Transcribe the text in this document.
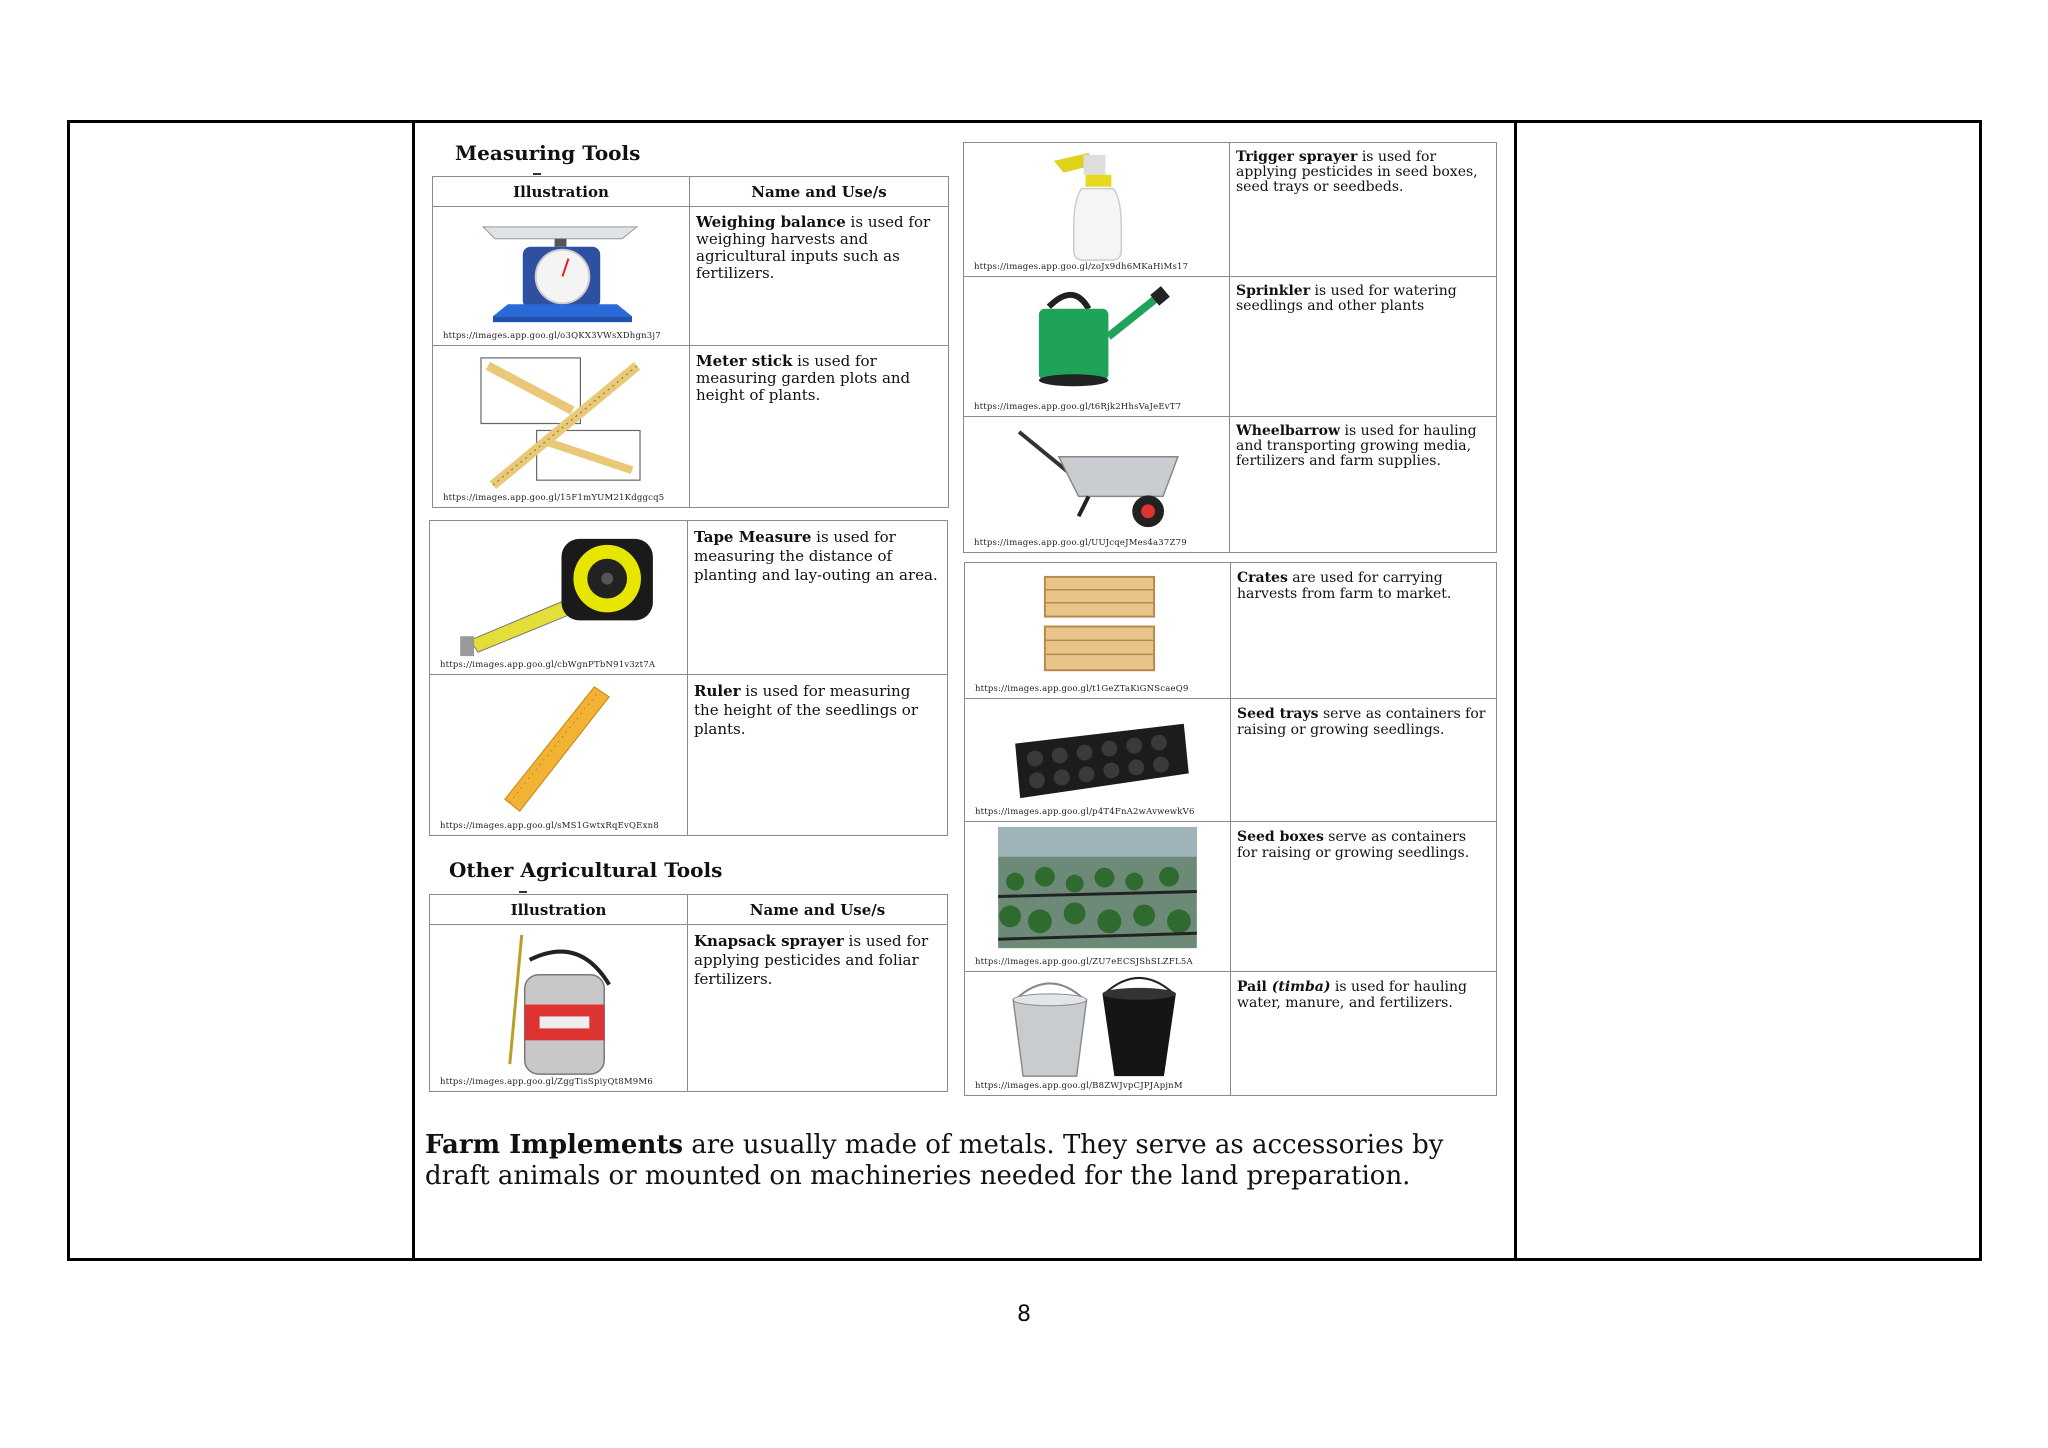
Measuring Tools
Illustration	Name and Use/s

https://images.app.goo.gl/o3QKX3VWsXDhgn3j7	Weighing balance is used for weighing harvests and agricultural inputs such as fertilizers.

https://images.app.goo.gl/15F1mYUM21Kdggcq5	Meter stick is used for measuring garden plots and height of plants.
https://images.app.goo.gl/cbWgnPTbN91v3zt7A	Tape Measure is used for measuring the distance of planting and lay-outing an area.

https://images.app.goo.gl/sMS1GwtxRqEvQExn8	Ruler is used for measuring the height of the seedlings or plants.
Other Agricultural Tools
Illustration	Name and Use/s

https://images.app.goo.gl/ZggTisSpiyQt8M9M6	Knapsack sprayer is used for applying pesticides and foliar fertilizers.
https://images.app.goo.gl/zoJx9dh6MKaHiMs17	Trigger sprayer is used for applying pesticides in seed boxes, seed trays or seedbeds.

https://images.app.goo.gl/t6Rjk2HhsVaJeEvT7	Sprinkler is used for watering seedlings and other plants

https://images.app.goo.gl/UUJcqeJMes4a37Z79	Wheelbarrow is used for hauling and transporting growing media, fertilizers and farm supplies.
https://images.app.goo.gl/t1GeZTaKiGNScaeQ9	Crates are used for carrying harvests from farm to market.

https://images.app.goo.gl/p4T4FnA2wAvwewkV6	Seed trays serve as containers for raising or growing seedlings.

https://images.app.goo.gl/ZU7eECSJShSLZFL5A	Seed boxes serve as containers for raising or growing seedlings.

https://images.app.goo.gl/B8ZWJvpCJPJApjnM	Pail (timba) is used for hauling water, manure, and fertilizers.
Farm Implements are usually made of metals. They serve as accessories by draft animals or mounted on machineries needed for the land preparation.
8
